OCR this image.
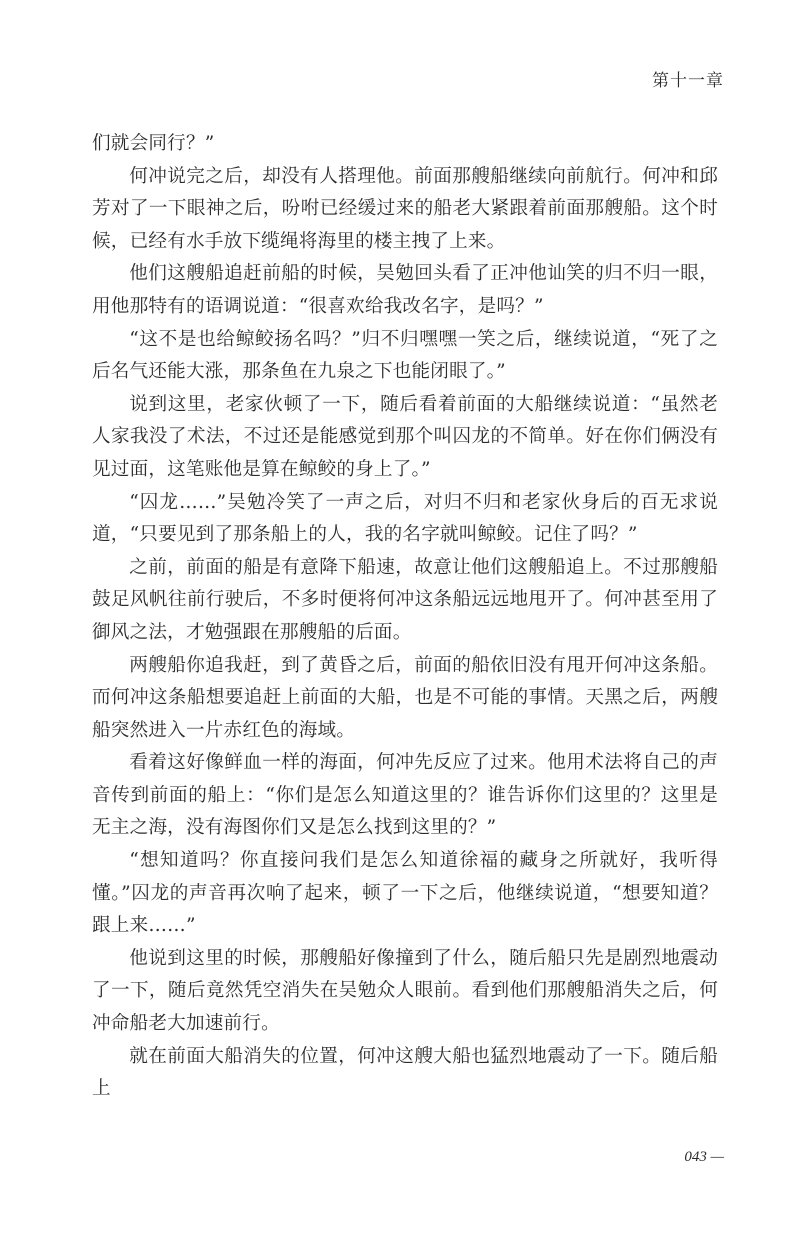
第十一章

们就会同行？”

何冲说完之后，却没有人搭理他。前面那艘船继续向前航行。何冲和邱芳对了一下眼神之后，吩咐已经缓过来的船老大紧跟着前面那艘船。这个时候，已经有水手放下缆绳将海里的楼主拽了上来。

他们这艘船追赶前船的时候，吴勉回头看了正冲他讪笑的归不归一眼，用他那特有的语调说道：“很喜欢给我改名字，是吗？”

“这不是也给鲸鲛扬名吗？”归不归嘿嘿一笑之后，继续说道，“死了之后名气还能大涨，那条鱼在九泉之下也能闭眼了。”

说到这里，老家伙顿了一下，随后看着前面的大船继续说道：“虽然老人家我没了术法，不过还是能感觉到那个叫囚龙的不简单。好在你们俩没有见过面，这笔账他是算在鲸鲛的身上了。”

“囚龙……”吴勉冷笑了一声之后，对归不归和老家伙身后的百无求说道，“只要见到了那条船上的人，我的名字就叫鲸鲛。记住了吗？”

之前，前面的船是有意降下船速，故意让他们这艘船追上。不过那艘船鼓足风帆往前行驶后，不多时便将何冲这条船远远地甩开了。何冲甚至用了御风之法，才勉强跟在那艘船的后面。

两艘船你追我赶，到了黄昏之后，前面的船依旧没有甩开何冲这条船。而何冲这条船想要追赶上前面的大船，也是不可能的事情。天黑之后，两艘船突然进入一片赤红色的海域。

看着这好像鲜血一样的海面，何冲先反应了过来。他用术法将自己的声音传到前面的船上：“你们是怎么知道这里的？谁告诉你们这里的？这里是无主之海，没有海图你们又是怎么找到这里的？”

“想知道吗？你直接问我们是怎么知道徐福的藏身之所就好，我听得懂。”囚龙的声音再次响了起来，顿了一下之后，他继续说道，“想要知道？跟上来……”

他说到这里的时候，那艘船好像撞到了什么，随后船只先是剧烈地震动了一下，随后竟然凭空消失在吴勉众人眼前。看到他们那艘船消失之后，何冲命船老大加速前行。

就在前面大船消失的位置，何冲这艘大船也猛烈地震动了一下。随后船上

043 —
